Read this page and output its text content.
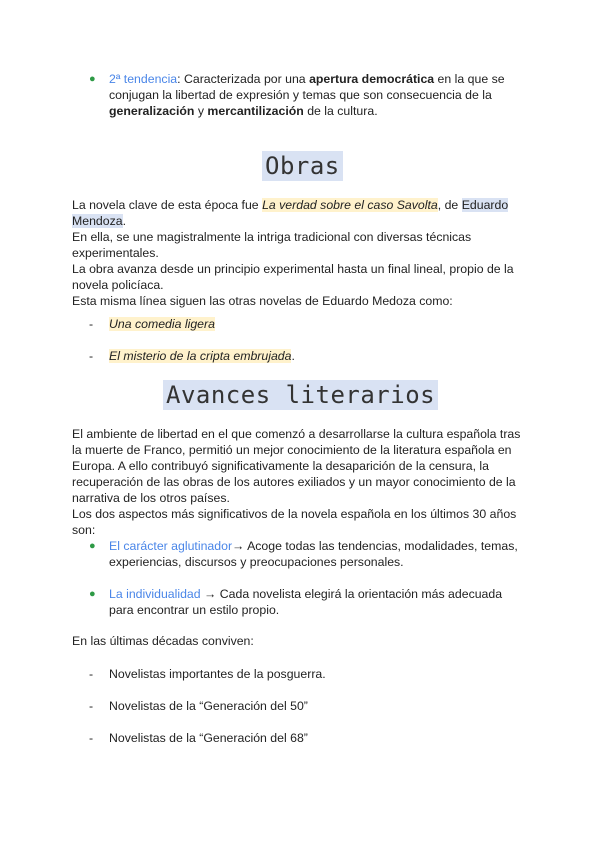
● 2ª tendencia: Caracterizada por una apertura democrática en la que se conjugan la libertad de expresión y temas que son consecuencia de la generalización y mercantilización de la cultura.

Obras

La novela clave de esta época fue La verdad sobre el caso Savolta, de Eduardo Mendoza.

En ella, se une magistralmente la intriga tradicional con diversas técnicas experimentales.

La obra avanza desde un principio experimental hasta un final lineal, propio de la novela policíaca.

Esta misma línea siguen las otras novelas de Eduardo Medoza como:

- Una comedia ligera

- El misterio de la cripta embrujada.

Avances literarios

El ambiente de libertad en el que comenzó a desarrollarse la cultura española tras la muerte de Franco, permitió un mejor conocimiento de la literatura española en Europa. A ello contribuyó significativamente la desaparición de la censura, la recuperación de las obras de los autores exiliados y un mayor conocimiento de la narrativa de los otros países.

Los dos aspectos más significativos de la novela española en los últimos 30 años son:

● El carácter aglutinador→ Acoge todas las tendencias, modalidades, temas, experiencias, discursos y preocupaciones personales.

● La individualidad → Cada novelista elegirá la orientación más adecuada para encontrar un estilo propio.

En las últimas décadas conviven:

- Novelistas importantes de la posguerra.

- Novelistas de la “Generación del 50”

- Novelistas de la “Generación del 68”
